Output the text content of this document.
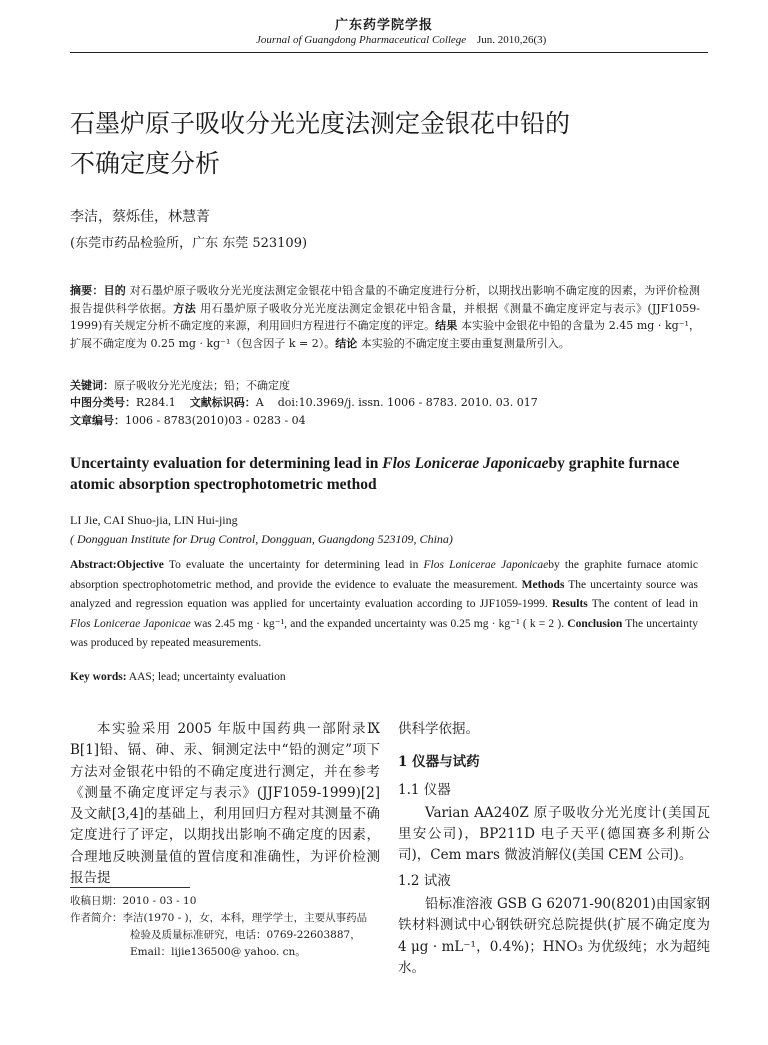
广东药学院学报
Journal of Guangdong Pharmaceutical College Jun. 2010,26(3)
石墨炉原子吸收分光光度法测定金银花中铅的
不确定度分析
李洁，蔡烁佳，林慧菁
(东莞市药品检验所，广东 东莞 523109)
摘要：目的 对石墨炉原子吸收分光光度法测定金银花中铅含量的不确定度进行分析，以期找出影响不确定度的因素，为评价检测报告提供科学依据。方法 用石墨炉原子吸收分光光度法测定金银花中铅含量，并根据《测量不确定度评定与表示》(JJF1059-1999)有关规定分析不确定度的来源，利用回归方程进行不确定度的评定。结果 本实验中金银花中铅的含量为 2.45 mg · kg⁻¹，扩展不确定度为 0.25 mg · kg⁻¹（包含因子 k = 2）。结论 本实验的不确定度主要由重复测量所引入。
关键词：原子吸收分光光度法；铅；不确定度
中图分类号：R284.1 文献标识码：A doi:10.3969/j. issn. 1006 - 8783. 2010. 03. 017
文章编号：1006 - 8783(2010)03 - 0283 - 04
Uncertainty evaluation for determining lead in Flos Lonicerae Japonicaeby graphite furnace atomic absorption spectrophotometric method
LI Jie, CAI Shuo-jia, LIN Hui-jing
( Dongguan Institute for Drug Control, Dongguan, Guangdong 523109, China)
Abstract:Objective To evaluate the uncertainty for determining lead in Flos Lonicerae Japonicaeby the graphite furnace atomic absorption spectrophotometric method, and provide the evidence to evaluate the measurement. Methods The uncertainty source was analyzed and regression equation was applied for uncertainty evaluation according to JJF1059-1999. Results The content of lead in Flos Lonicerae Japonicae was 2.45 mg · kg⁻¹, and the expanded uncertainty was 0.25 mg · kg⁻¹ ( k = 2 ). Conclusion The uncertainty was produced by repeated measurements.
Key words: AAS; lead; uncertainty evaluation

本实验采用 2005 年版中国药典一部附录Ⅸ B[1]铅、镉、砷、汞、铜测定法中“铅的测定”项下方法对金银花中铅的不确定度进行测定，并在参考《测量不确定度评定与表示》(JJF1059-1999)[2]及文献[3,4]的基础上，利用回归方程对其测量不确定度进行了评定，以期找出影响不确定度的因素，合理地反映测量值的置信度和准确性，为评价检测报告提

供科学依据。

1 仪器与试药

1.1 仪器

Varian AA240Z 原子吸收分光光度计(美国瓦里安公司)，BP211D 电子天平(德国赛多利斯公司)，Cem mars 微波消解仪(美国 CEM 公司)。

1.2 试液

铅标准溶液 GSB G 62071-90(8201)由国家钢铁材料测试中心钢铁研究总院提供(扩展不确定度为 4 μg · mL⁻¹，0.4%)；HNO₃ 为优级纯；水为超纯水。

收稿日期：2010 - 03 - 10
作者简介：李洁(1970 - )，女，本科，理学学士，主要从事药品
检验及质量标准研究，电话：0769-22603887，
Email：lijie136500@ yahoo. cn。
